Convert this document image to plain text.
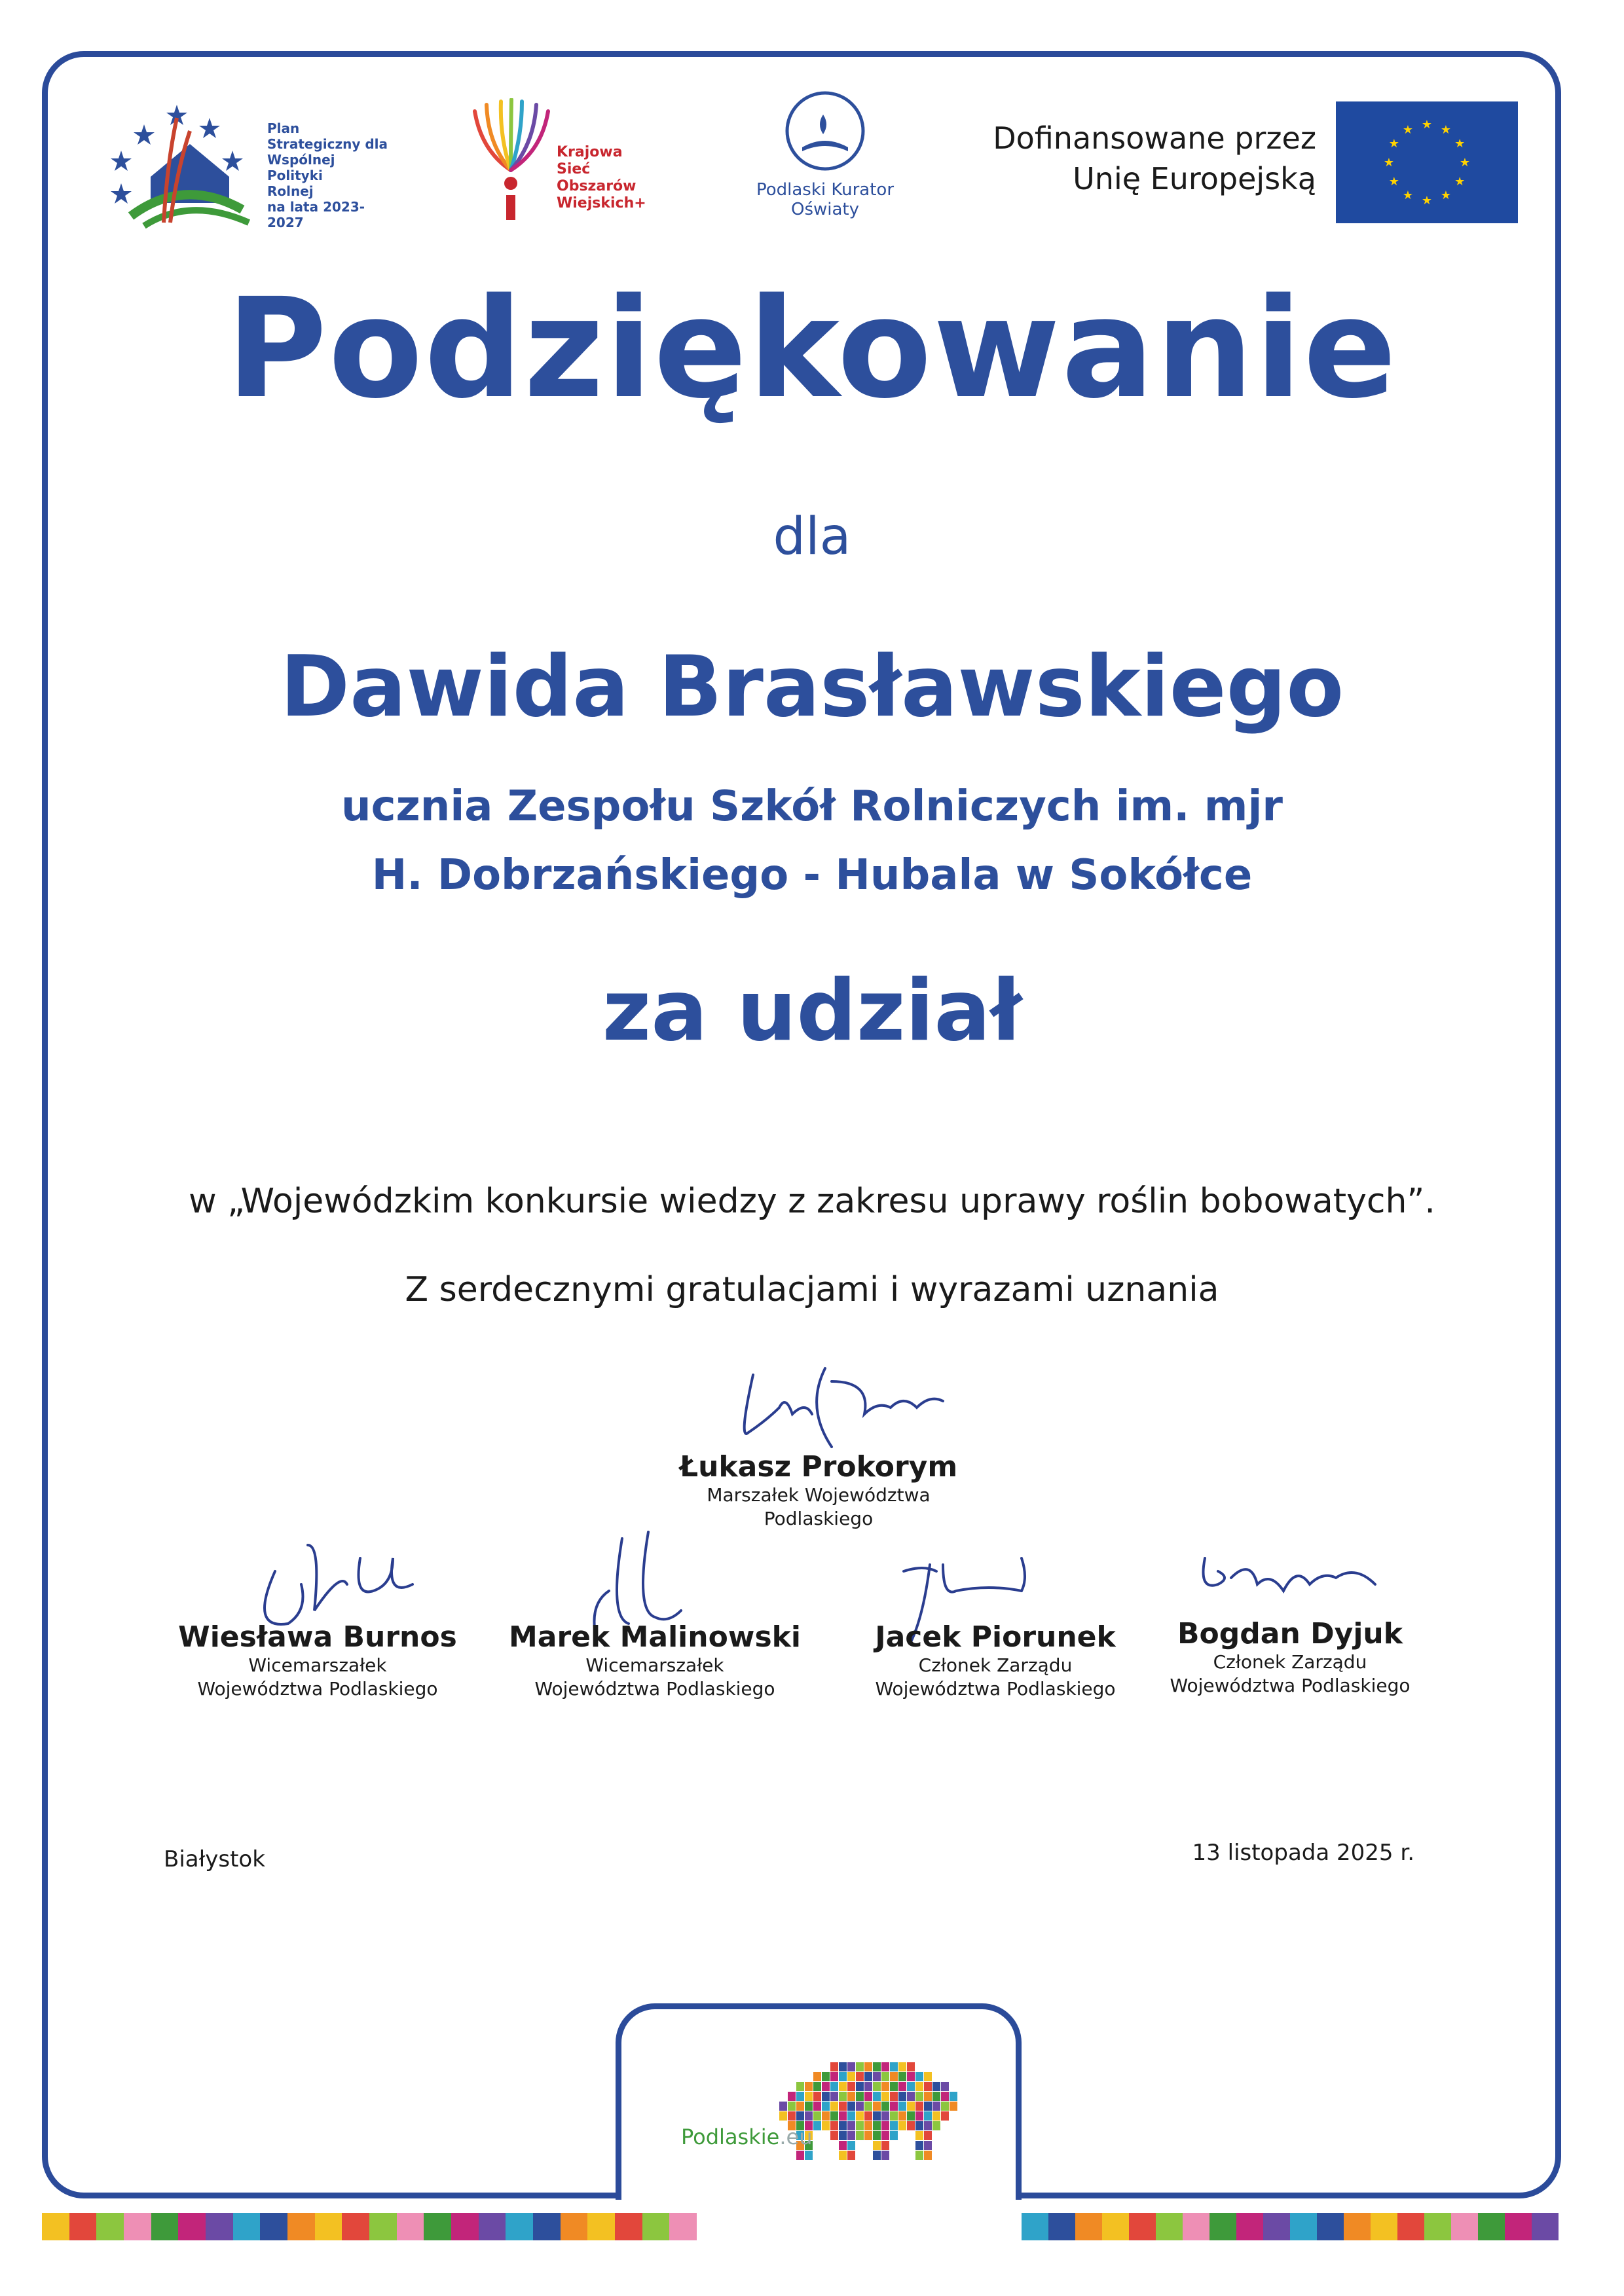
Plan
Strategiczny dla
Wspólnej
Polityki
Rolnej
na lata 2023-2027
Krajowa
Sieć
Obszarów
Wiejskich+
Podlaski Kurator
Oświaty
Dofinansowane przez
Unię Europejską	★
★
★
★
★
★
★
★
★ ★ ★
★
Podziękowanie
dla
Dawida Brasławskiego
ucznia Zespołu Szkół Rolniczych im. mjr
H. Dobrzańskiego - Hubala w Sokółce
za udział
w „Wojewódzkim konkursie wiedzy z zakresu uprawy roślin bobowatych”.
Z serdecznymi gratulacjami i wyrazami uznania
Łukasz Prokorym
Marszałek Województwa Podlaskiego
Wiesława Burnos
Wicemarszałek
Województwa Podlaskiego
Marek Malinowski
Wicemarszałek
Województwa Podlaskiego
Jacek Piorunek
Członek Zarządu
Województwa Podlaskiego
Bogdan Dyjuk
Członek Zarządu
Województwa Podlaskiego
Białystok	13 listopada 2025 r.
Podlaskie.eu
